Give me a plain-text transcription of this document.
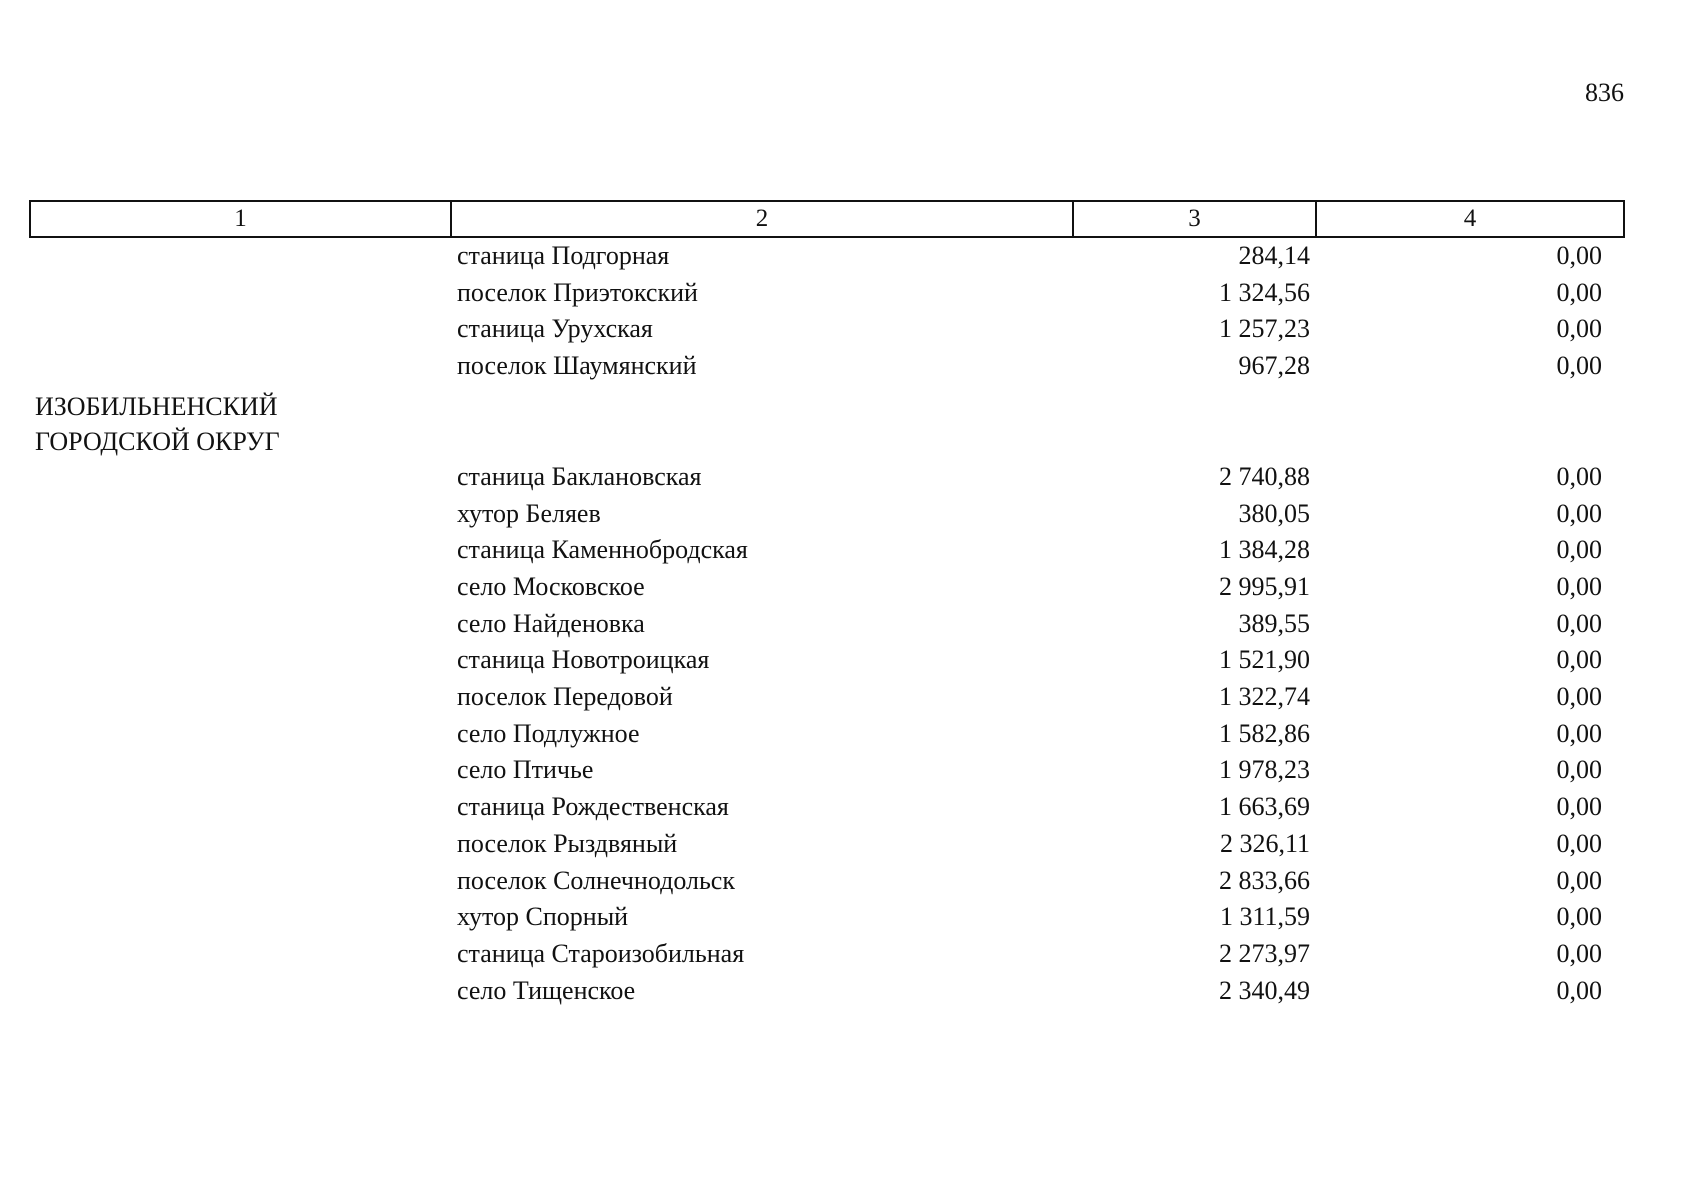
836
1	2	3	4
	станица Подгорная	284,14	0,00
	поселок Приэтокский	1 324,56	0,00
	станица Урухская	1 257,23	0,00
	поселок Шаумянский	967,28	0,00
ИЗОБИЛЬНЕНСКИЙ
ГОРОДСКОЙ ОКРУГ			
	станица Баклановская	2 740,88	0,00
	хутор Беляев	380,05	0,00
	станица Каменнобродская	1 384,28	0,00
	село Московское	2 995,91	0,00
	село Найденовка	389,55	0,00
	станица Новотроицкая	1 521,90	0,00
	поселок Передовой	1 322,74	0,00
	село Подлужное	1 582,86	0,00
	село Птичье	1 978,23	0,00
	станица Рождественская	1 663,69	0,00
	поселок Рыздвяный	2 326,11	0,00
	поселок Солнечнодольск	2 833,66	0,00
	хутор Спорный	1 311,59	0,00
	станица Староизобильная	2 273,97	0,00
	село Тищенское	2 340,49	0,00
